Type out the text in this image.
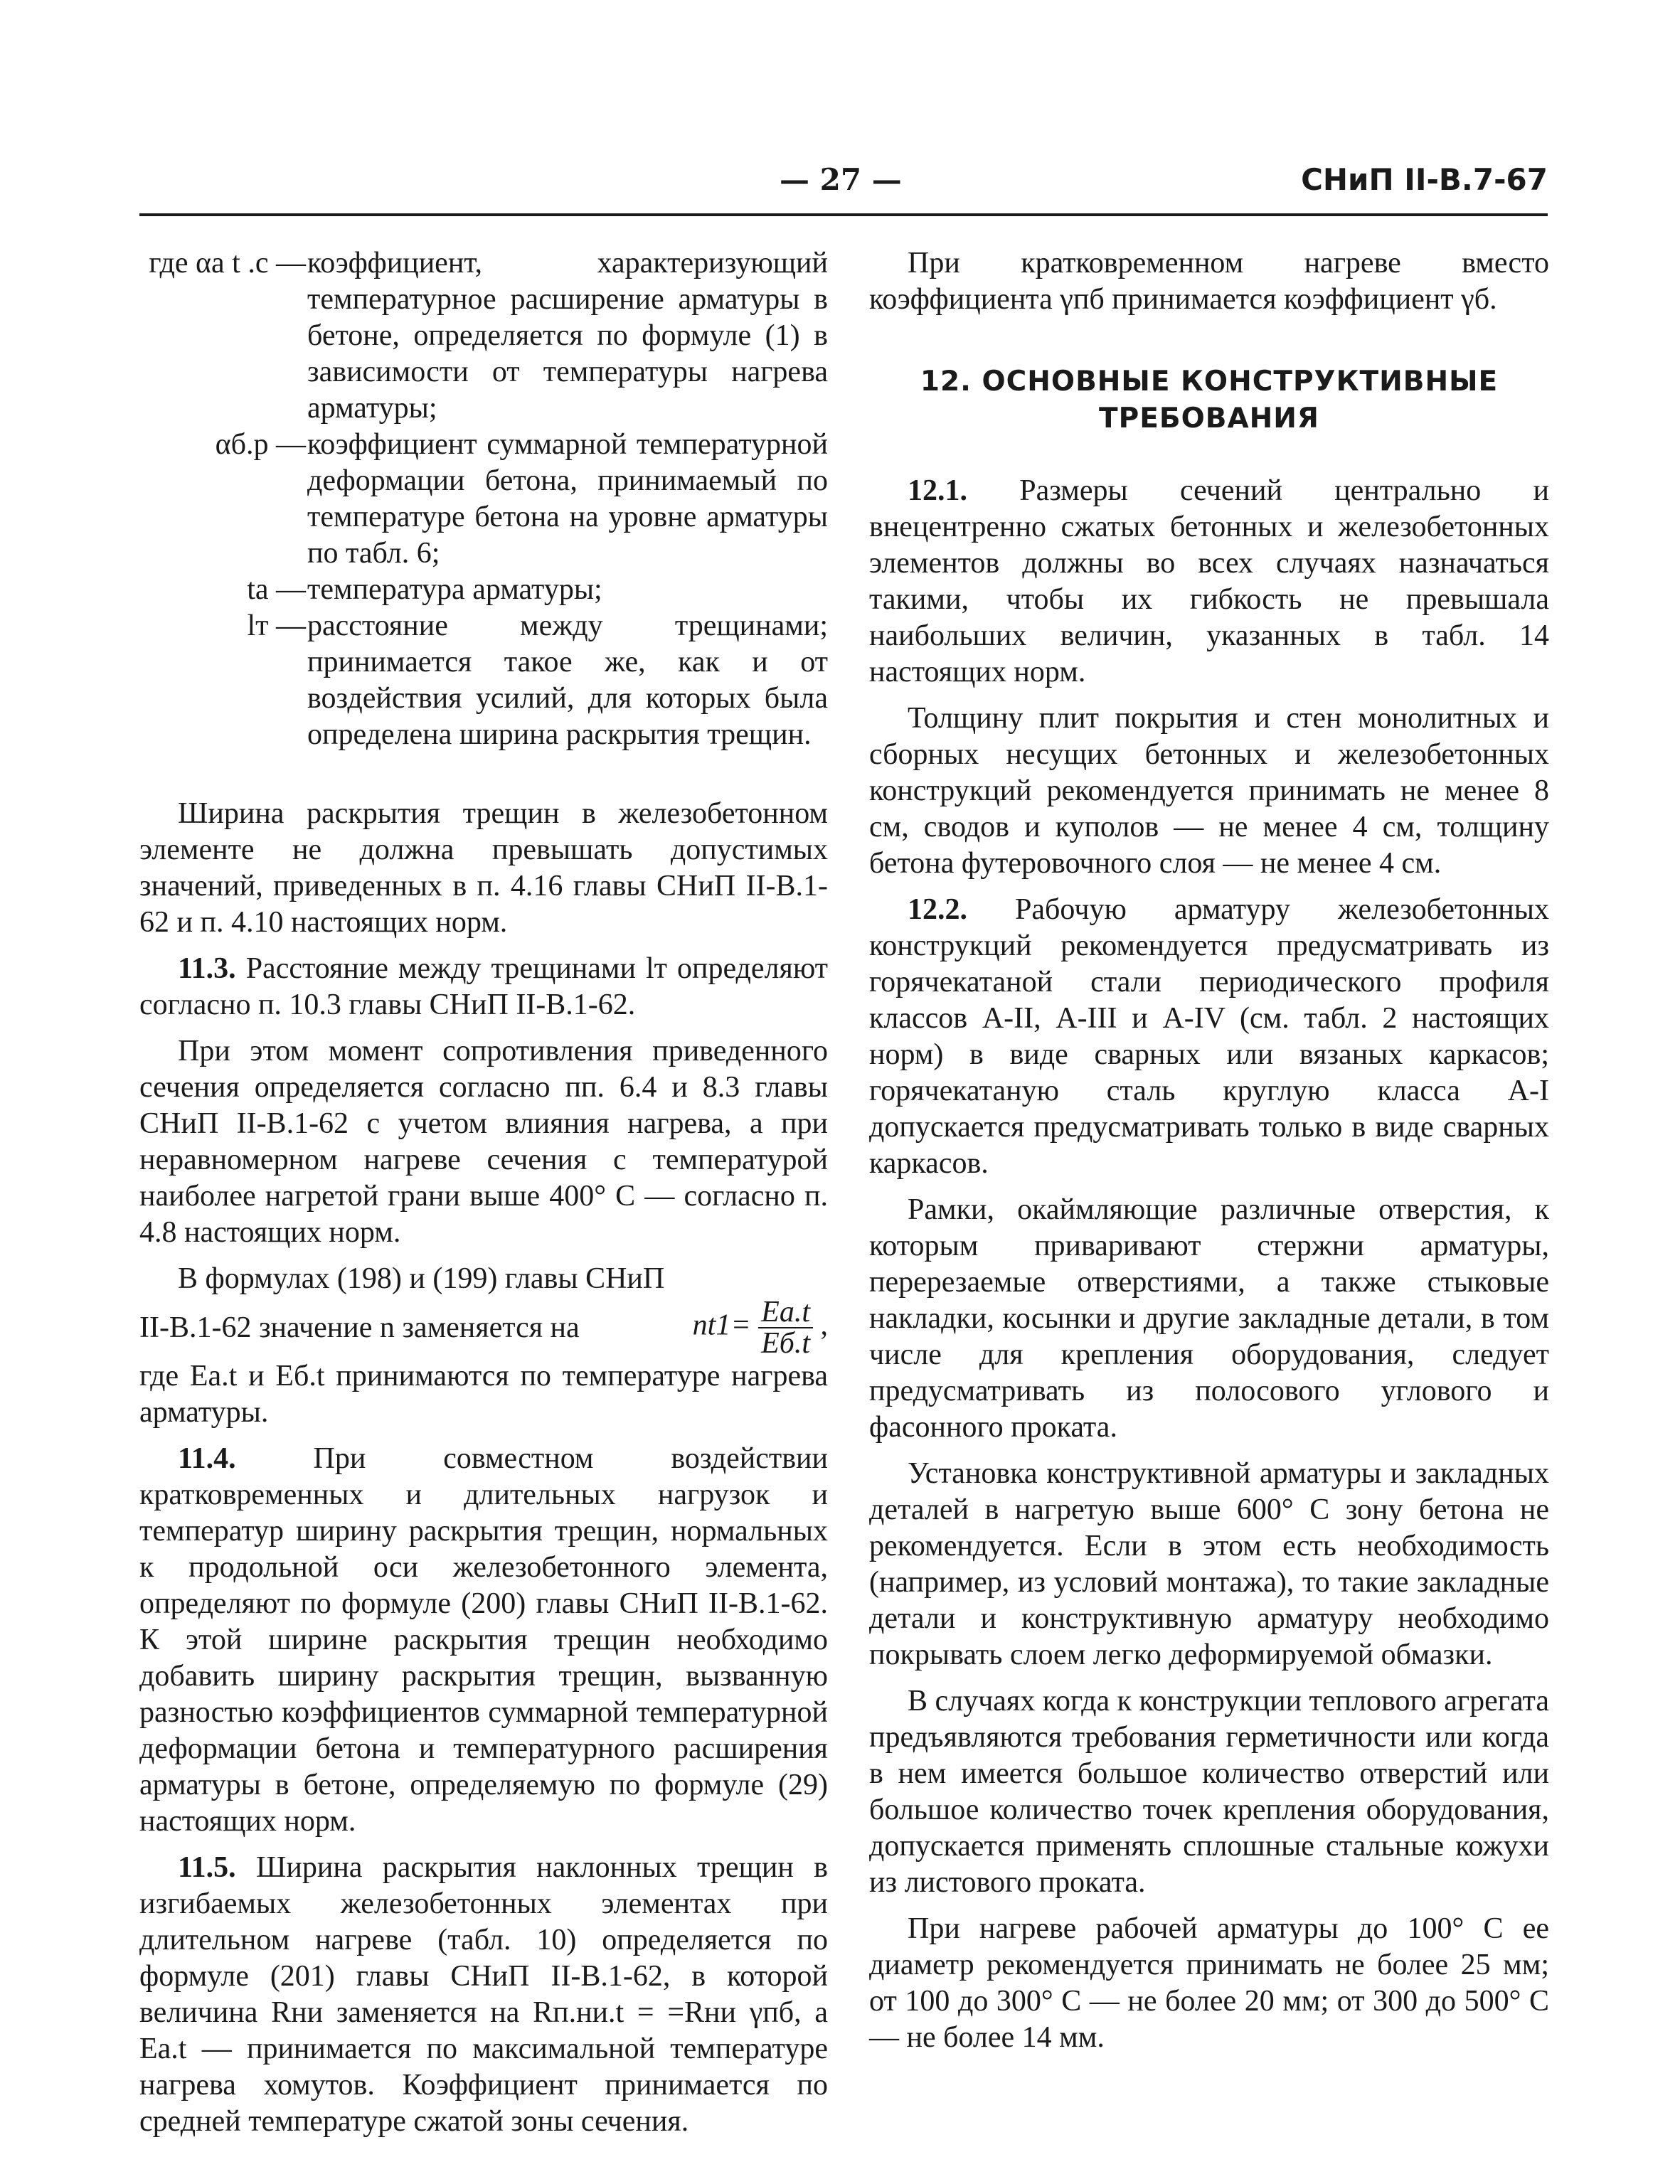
— 27 —	СНиП II-В.7-67
где αа t .с — коэффициент, характеризующий температурное расширение арматуры в бетоне, определяется по формуле (1) в зависимости от температуры нагрева арматуры;
αб.р — коэффициент суммарной температурной деформации бетона, принимаемый по температуре бетона на уровне арматуры по табл. 6;
tа — температура арматуры;
lт — расстояние между трещинами; принимается такое же, как и от воздействия усилий, для которых была определена ширина раскрытия трещин.

Ширина раскрытия трещин в железобетонном элементе не должна превышать допустимых значений, приведенных в п. 4.16 главы СНиП II-В.1-62 и п. 4.10 настоящих норм.

11.3. Расстояние между трещинами lт определяют согласно п. 10.3 главы СНиП II-В.1-62.

При этом момент сопротивления приведенного сечения определяется согласно пп. 6.4 и 8.3 главы СНиП II-В.1-62 с учетом влияния нагрева, а при неравномерном нагреве сечения с температурой наиболее нагретой грани выше 400° С — согласно п. 4.8 настоящих норм.

В формулах (198) и (199) главы СНиП

II-В.1-62 значение n заменяется на	$nt1= \frac{Eа.t}{Eб.t}$ ,

где Eа.t и Eб.t принимаются по температуре нагрева арматуры.

11.4.	При совместном воздействии кратковременных и длительных нагрузок и температур ширину раскрытия трещин, нормальных к продольной оси железобетонного элемента, определяют по формуле (200) главы СНиП II-В.1-62. К этой ширине раскрытия трещин необходимо добавить ширину раскрытия трещин, вызванную разностью коэффициентов суммарной температурной деформации бетона и температурного расширения арматуры в бетоне, определяемую по формуле (29) настоящих норм.

11.5. Ширина раскрытия наклонных трещин в изгибаемых железобетонных элементах при длительном нагреве (табл. 10) определяется по формуле (201) главы СНиП II-В.1-62, в которой величина Rни заменяется на Rп.ни.t = =Rни γпб, а Eа.t — принимается по максимальной температуре нагрева хомутов. Коэффициент принимается по средней температуре сжатой зоны сечения.

При кратковременном нагреве вместо коэффициента γпб принимается коэффициент γб.

12. ОСНОВНЫЕ КОНСТРУКТИВНЫЕ ТРЕБОВАНИЯ

12.1. Размеры сечений центрально и внецентренно сжатых бетонных и железобетонных элементов должны во всех случаях назначаться такими, чтобы их гибкость не превышала наибольших величин, указанных в табл. 14 настоящих норм.

Толщину плит покрытия и стен монолитных и сборных несущих бетонных и железобетонных конструкций рекомендуется принимать не менее 8 см, сводов и куполов — не менее 4 см, толщину бетона футеровочного слоя — не менее 4 см.

12.2. Рабочую арматуру железобетонных конструкций рекомендуется предусматривать из горячекатаной стали периодического профиля классов А-II, А-III и А-IV (см. табл. 2 настоящих норм) в виде сварных или вязаных каркасов; горячекатаную сталь круглую класса А-I допускается предусматривать только в виде сварных каркасов.

Рамки, окаймляющие различные отверстия, к которым приваривают стержни арматуры, перерезаемые отверстиями, а также стыковые накладки, косынки и другие закладные детали, в том числе для крепления оборудования, следует предусматривать из полосового углового и фасонного проката.

Установка конструктивной арматуры и закладных деталей в нагретую выше 600° С зону бетона не рекомендуется. Если в этом есть необходимость (например, из условий монтажа), то такие закладные детали и конструктивную арматуру необходимо покрывать слоем легко деформируемой обмазки.

В случаях когда к конструкции теплового агрегата предъявляются требования герметичности или когда в нем имеется большое количество отверстий или большое количество точек крепления оборудования, допускается применять сплошные стальные кожухи из листового проката.

При нагреве рабочей арматуры до 100° С ее диаметр рекомендуется принимать не более 25 мм; от 100 до 300° С — не более 20 мм; от 300 до 500° С — не более 14 мм.
